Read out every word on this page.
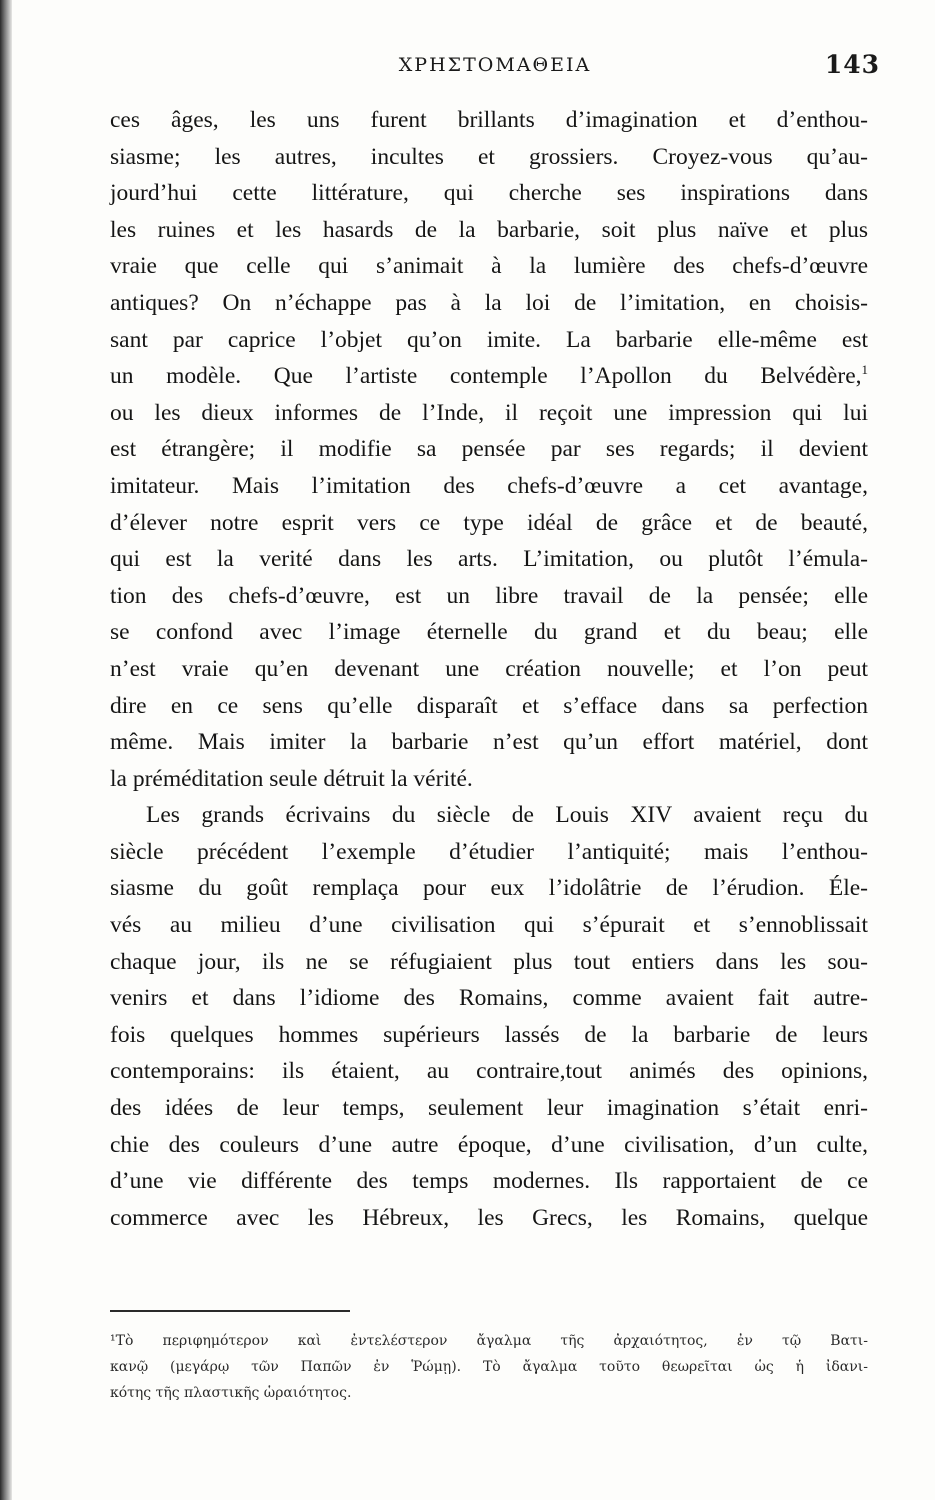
ΧΡΗΣΤΟΜΑΘΕΙΑ	143
ces âges, les uns furent brillants d’imagination et d’enthou-
siasme; les autres, incultes et grossiers. Croyez-vous qu’au-
jourd’hui cette littérature, qui cherche ses inspirations dans
les ruines et les hasards de la barbarie, soit plus naïve et plus
vraie que celle qui s’animait à la lumière des chefs-d’œuvre
antiques? On n’échappe pas à la loi de l’imitation, en choisis-
sant par caprice l’objet qu’on imite. La barbarie elle-même est
un modèle. Que l’artiste contemple l’Apollon du Belvédère,$^1$
ou les dieux informes de l’Inde, il reçoit une impression qui lui
est étrangère; il modifie sa pensée par ses regards; il devient
imitateur. Mais l’imitation des chefs-d’œuvre a cet avantage,
d’élever notre esprit vers ce type idéal de grâce et de beauté,
qui est la verité dans les arts. L’imitation, ou plutôt l’émula-
tion des chefs-d’œuvre, est un libre travail de la pensée; elle
se confond avec l’image éternelle du grand et du beau; elle
n’est vraie qu’en devenant une création nouvelle; et l’on peut
dire en ce sens qu’elle disparaît et s’efface dans sa perfection
même. Mais imiter la barbarie n’est qu’un effort matériel, dont
la préméditation seule détruit la vérité.
Les grands écrivains du siècle de Louis XIV avaient reçu du
siècle précédent l’exemple d’étudier l’antiquité; mais l’enthou-
siasme du goût remplaça pour eux l’idolâtrie de l’érudion. Éle-
vés au milieu d’une civilisation qui s’épurait et s’ennoblissait
chaque jour, ils ne se réfugiaient plus tout entiers dans les sou-
venirs et dans l’idiome des Romains, comme avaient fait autre-
fois quelques hommes supérieurs lassés de la barbarie de leurs
contemporains: ils étaient, au contraire,tout animés des opinions,
des idées de leur temps, seulement leur imagination s’était enri-
chie des couleurs d’une autre époque, d’une civilisation, d’un culte,
d’une vie différente des temps modernes. Ils rapportaient de ce
commerce avec les Hébreux, les Grecs, les Romains, quelque
¹Τὸ περιφημότερον καὶ ἐντελέστερον ἄγαλμα τῆς ἀρχαιότητος, ἐν τῷ Βατι-
κανῷ (μεγάρῳ τῶν Παπῶν ἐν Ῥώμῃ). Τὸ ἄγαλμα τοῦτο θεωρεῖται ὡς ἡ ἰδανι-
κότης τῆς πλαστικῆς ὡραιότητος.
